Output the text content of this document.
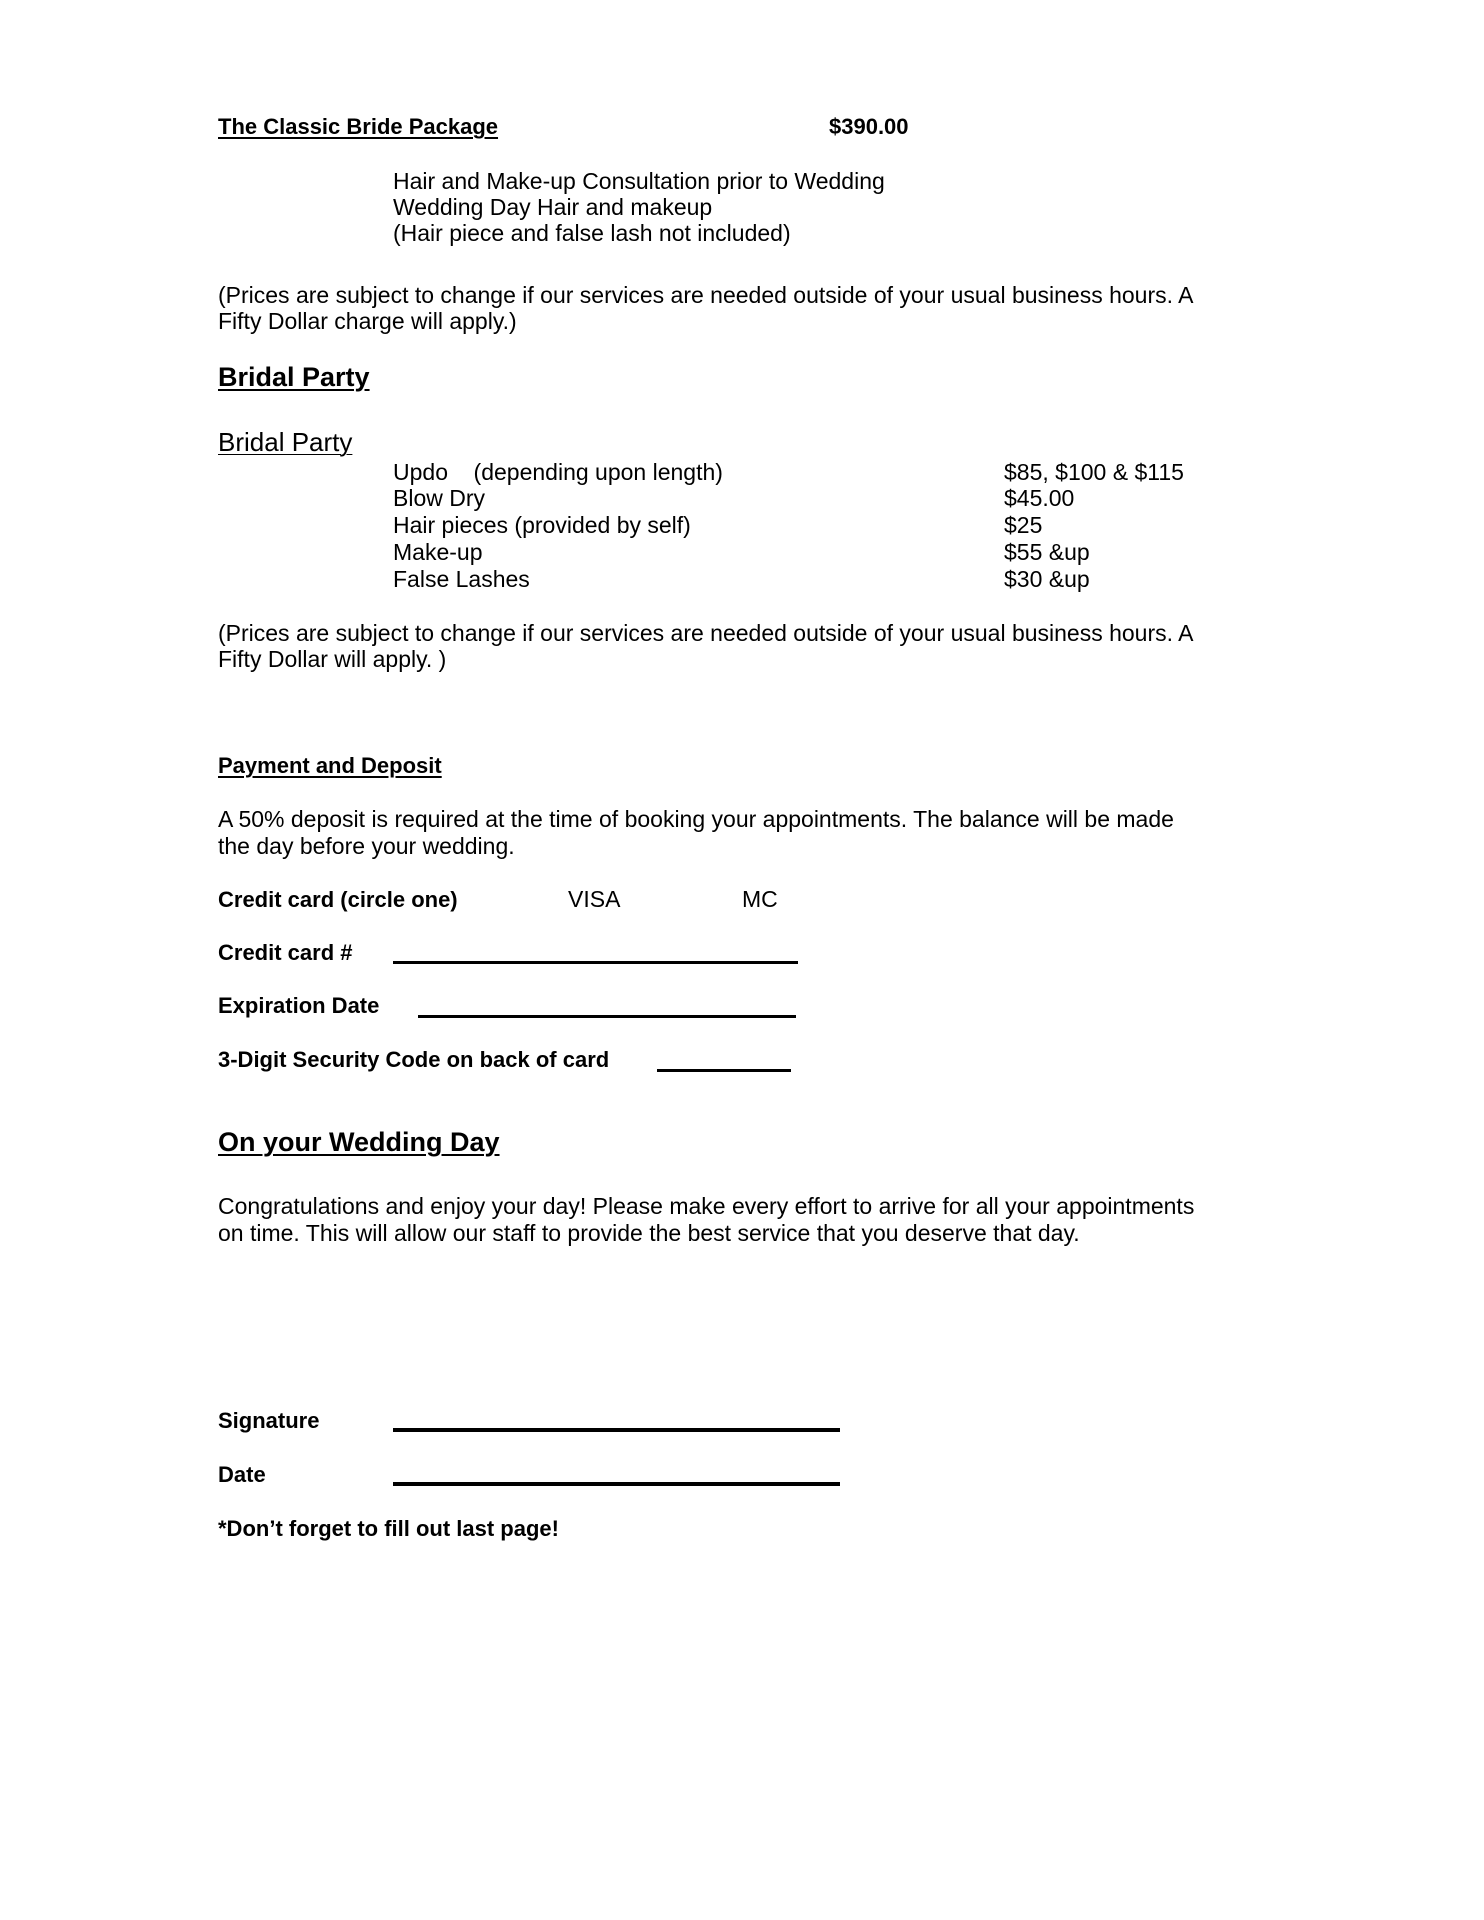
The Classic Bride Package	$390.00
Hair and Make-up Consultation prior to Wedding
Wedding Day Hair and makeup
(Hair piece and false lash not included)
(Prices are subject to change if our services are needed outside of your usual business hours. A
Fifty Dollar charge will apply.)
Bridal Party
Bridal Party
Updo    (depending upon length)	$85, $100 & $115
Blow Dry	$45.00
Hair pieces (provided by self)	$25
Make-up	$55 &up
False Lashes	$30 &up
(Prices are subject to change if our services are needed outside of your usual business hours. A
Fifty Dollar will apply. )
Payment and Deposit
A 50% deposit is required at the time of booking your appointments. The balance will be made
the day before your wedding.
Credit card (circle one)	VISA	MC
Credit card #
Expiration Date
3-Digit Security Code on back of card
On your Wedding Day
Congratulations and enjoy your day! Please make every effort to arrive for all your appointments
on time. This will allow our staff to provide the best service that you deserve that day.
Signature
Date
*Don’t forget to fill out last page!
